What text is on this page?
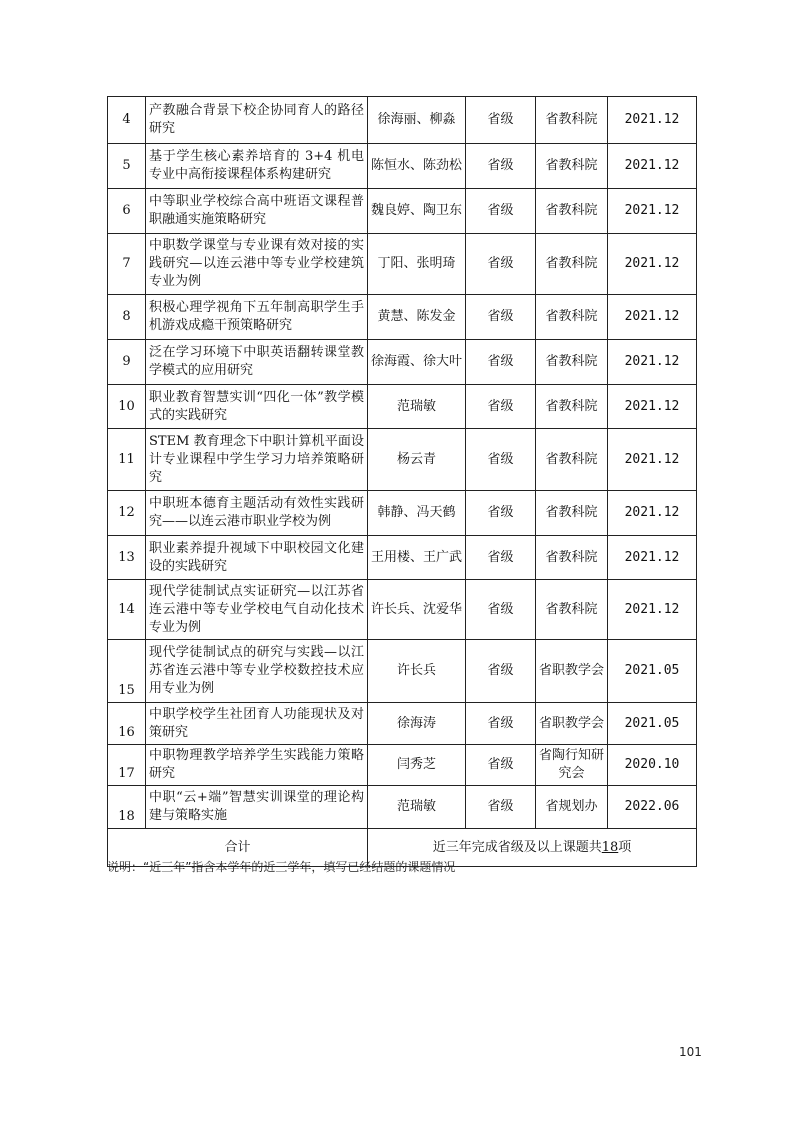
4	产教融合背景下校企协同育人的路径研究	徐海丽、柳淼	省级	省教科院	2021.12
5	基于学生核心素养培育的 3+4 机电专业中高衔接课程体系构建研究	陈恒水、陈劲松	省级	省教科院	2021.12
6	中等职业学校综合高中班语文课程普职融通实施策略研究	魏良婷、陶卫东	省级	省教科院	2021.12
7	中职数学课堂与专业课有效对接的实践研究—以连云港中等专业学校建筑专业为例	丁阳、张明琦	省级	省教科院	2021.12
8	积极心理学视角下五年制高职学生手机游戏成瘾干预策略研究	黄慧、陈发金	省级	省教科院	2021.12
9	泛在学习环境下中职英语翻转课堂教学模式的应用研究	徐海霞、徐大叶	省级	省教科院	2021.12
10	职业教育智慧实训“四化一体”教学模式的实践研究	范瑞敏	省级	省教科院	2021.12
11	STEM 教育理念下中职计算机平面设计专业课程中学生学习力培养策略研究	杨云青	省级	省教科院	2021.12
12	中职班本德育主题活动有效性实践研究——以连云港市职业学校为例	韩静、冯天鹤	省级	省教科院	2021.12
13	职业素养提升视域下中职校园文化建设的实践研究	王用楼、王广武	省级	省教科院	2021.12
14	现代学徒制试点实证研究—以江苏省连云港中等专业学校电气自动化技术专业为例	许长兵、沈爱华	省级	省教科院	2021.12
15	现代学徒制试点的研究与实践—以江苏省连云港中等专业学校数控技术应用专业为例	许长兵	省级	省职教学会	2021.05
16	中职学校学生社团育人功能现状及对策研究	徐海涛	省级	省职教学会	2021.05
17	中职物理教学培养学生实践能力策略研究	闫秀芝	省级	省陶行知研究会	2020.10
18	中职“云+端”智慧实训课堂的理论构建与策略实施	范瑞敏	省级	省规划办	2022.06
合计		近三年完成省级及以上课题共18项			
说明：“近三年”指含本学年的近三学年，填写已经结题的课题情况
101
